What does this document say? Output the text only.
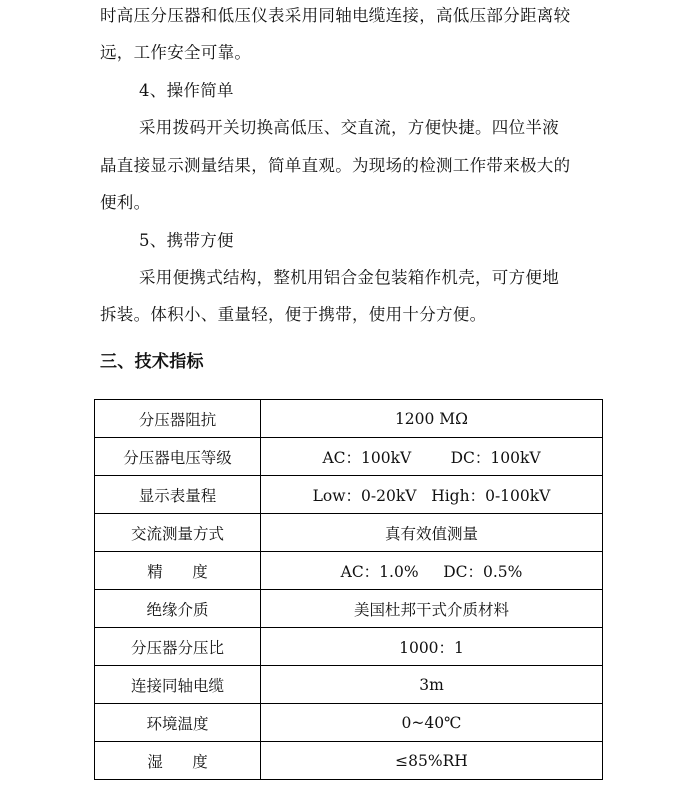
时高压分压器和低压仪表采用同轴电缆连接，高低压部分距离较
远，工作安全可靠。
4、操作简单
采用拨码开关切换高低压、交直流，方便快捷。四位半液
晶直接显示测量结果，简单直观。为现场的检测工作带来极大的
便利。
5、携带方便
采用便携式结构，整机用铝合金包装箱作机壳，可方便地
拆装。体积小、重量轻，便于携带，使用十分方便。
三、技术指标
分压器阻抗	1200 MΩ
分压器电压等级	AC：100kV        DC：100kV
显示表量程	Low：0-20kV   High：0-100kV
交流测量方式	真有效值测量
精      度	AC：1.0%     DC：0.5%
绝缘介质	美国杜邦干式介质材料
分压器分压比	1000：1
连接同轴电缆	3m
环境温度	0~40℃
湿      度	≤85%RH
